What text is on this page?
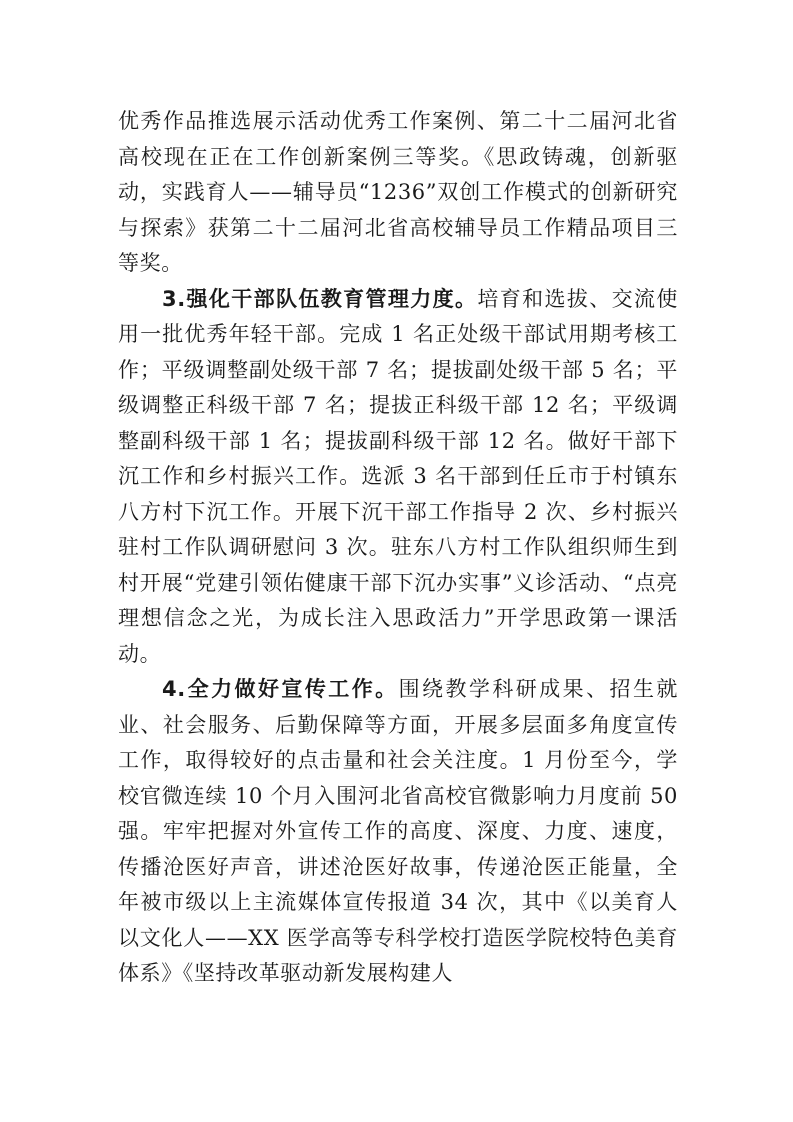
优秀作品推选展示活动优秀工作案例、第二十二届河北省高校现在正在工作创新案例三等奖。《思政铸魂，创新驱动，实践育人——辅导员“1236”双创工作模式的创新研究与探索》获第二十二届河北省高校辅导员工作精品项目三等奖。

3.强化干部队伍教育管理力度。培育和选拔、交流使用一批优秀年轻干部。完成 1 名正处级干部试用期考核工作；平级调整副处级干部 7 名；提拔副处级干部 5 名；平级调整正科级干部 7 名；提拔正科级干部 12 名；平级调整副科级干部 1 名；提拔副科级干部 12 名。做好干部下沉工作和乡村振兴工作。选派 3 名干部到任丘市于村镇东八方村下沉工作。开展下沉干部工作指导 2 次、乡村振兴驻村工作队调研慰问 3 次。驻东八方村工作队组织师生到村开展“党建引领佑健康干部下沉办实事”义诊活动、“点亮理想信念之光，为成长注入思政活力”开学思政第一课活动。

4.全力做好宣传工作。围绕教学科研成果、招生就业、社会服务、后勤保障等方面，开展多层面多角度宣传工作，取得较好的点击量和社会关注度。1 月份至今，学校官微连续 10 个月入围河北省高校官微影响力月度前 50 强。牢牢把握对外宣传工作的高度、深度、力度、速度，传播沧医好声音，讲述沧医好故事，传递沧医正能量，全年被市级以上主流媒体宣传报道 34 次，其中《以美育人以文化人——XX 医学高等专科学校打造医学院校特色美育体系》《坚持改革驱动新发展构建人
